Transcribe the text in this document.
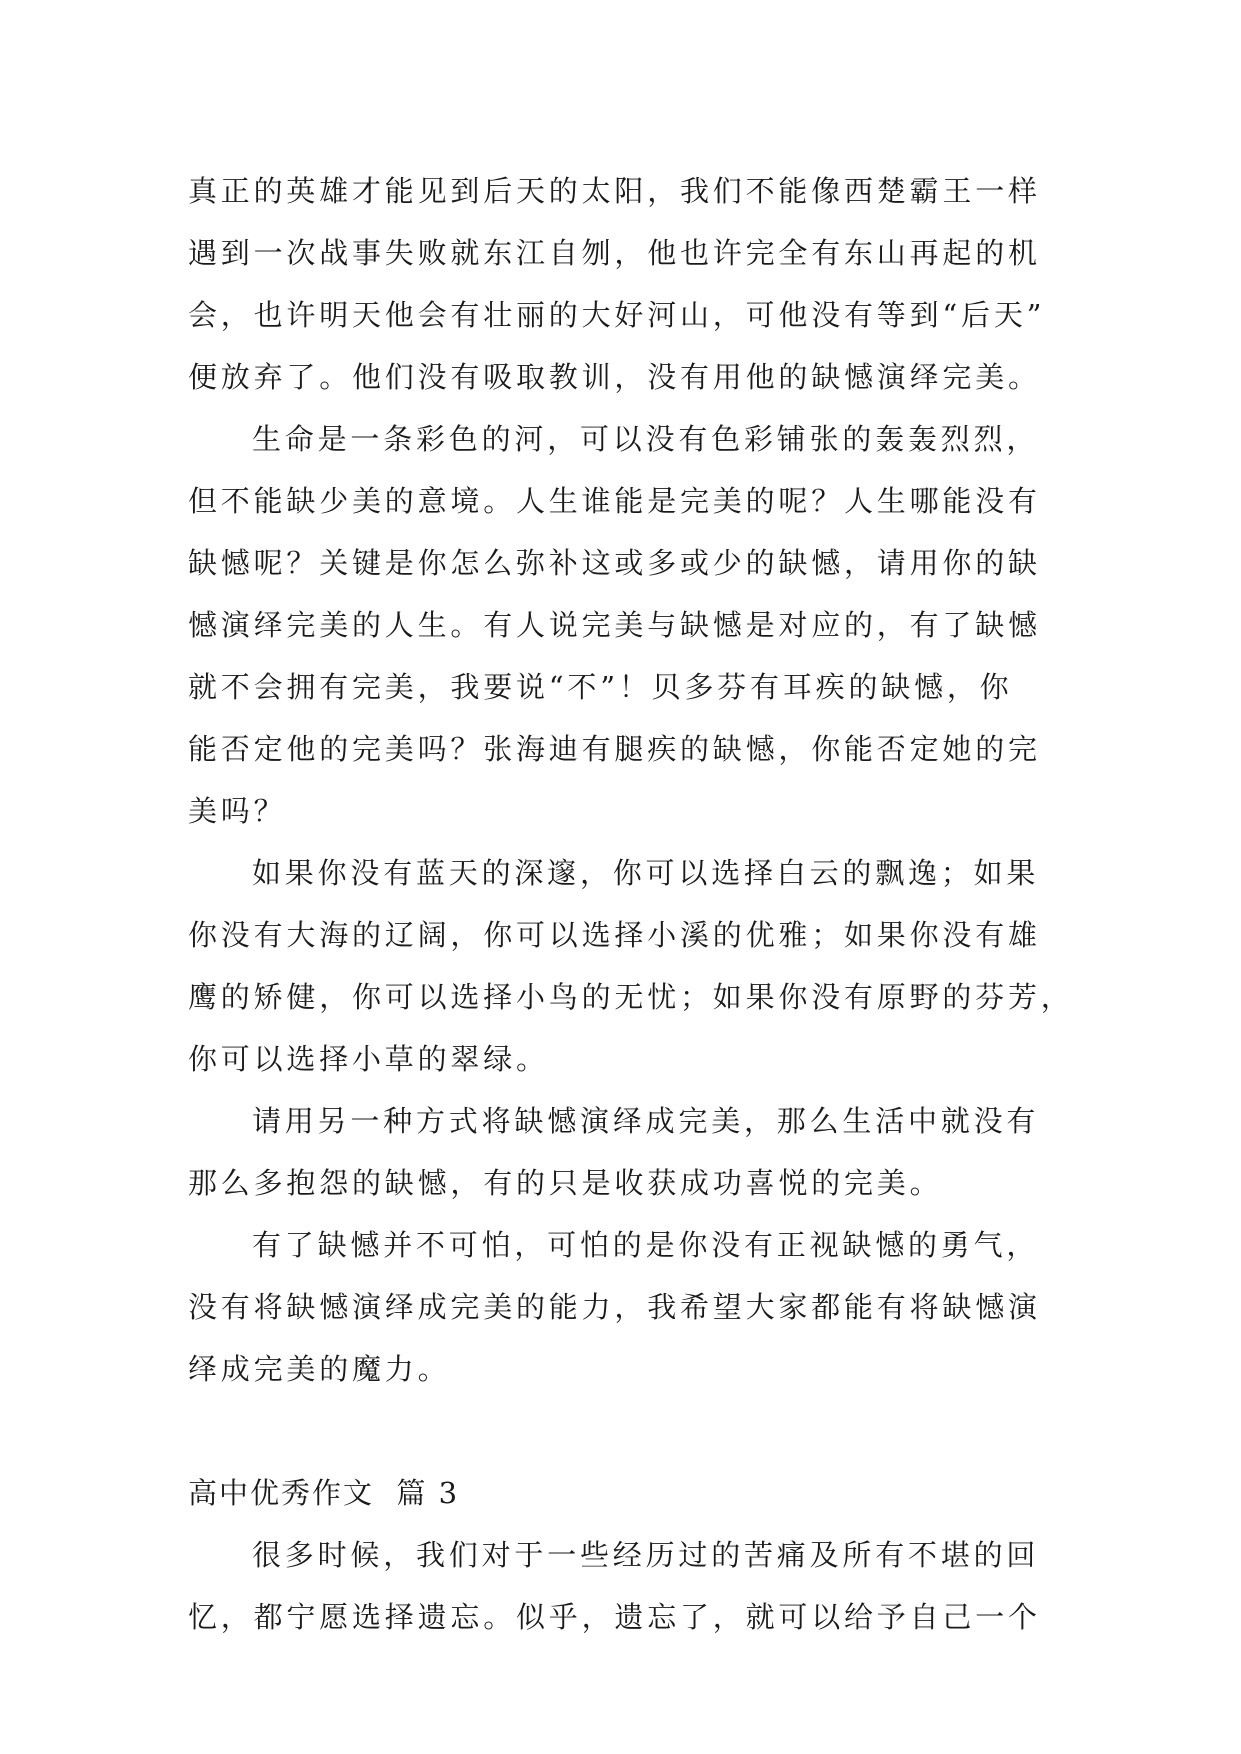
真正的英雄才能见到后天的太阳，我们不能像西楚霸王一样
遇到一次战事失败就东江自刎，他也许完全有东山再起的机
会，也许明天他会有壮丽的大好河山，可他没有等到“后天”
便放弃了。他们没有吸取教训，没有用他的缺憾演绎完美。
生命是一条彩色的河，可以没有色彩铺张的轰轰烈烈，
但不能缺少美的意境。人生谁能是完美的呢？人生哪能没有
缺憾呢？关键是你怎么弥补这或多或少的缺憾，请用你的缺
憾演绎完美的人生。有人说完美与缺憾是对应的，有了缺憾
就不会拥有完美，我要说“不”！贝多芬有耳疾的缺憾，你
能否定他的完美吗？张海迪有腿疾的缺憾，你能否定她的完
美吗？
如果你没有蓝天的深邃，你可以选择白云的飘逸；如果
你没有大海的辽阔，你可以选择小溪的优雅；如果你没有雄
鹰的矫健，你可以选择小鸟的无忧；如果你没有原野的芬芳，
你可以选择小草的翠绿。
请用另一种方式将缺憾演绎成完美，那么生活中就没有
那么多抱怨的缺憾，有的只是收获成功喜悦的完美。
有了缺憾并不可怕，可怕的是你没有正视缺憾的勇气，
没有将缺憾演绎成完美的能力，我希望大家都能有将缺憾演
绎成完美的魔力。
高中优秀作文  篇 3
很多时候，我们对于一些经历过的苦痛及所有不堪的回
忆，都宁愿选择遗忘。似乎，遗忘了，就可以给予自己一个
